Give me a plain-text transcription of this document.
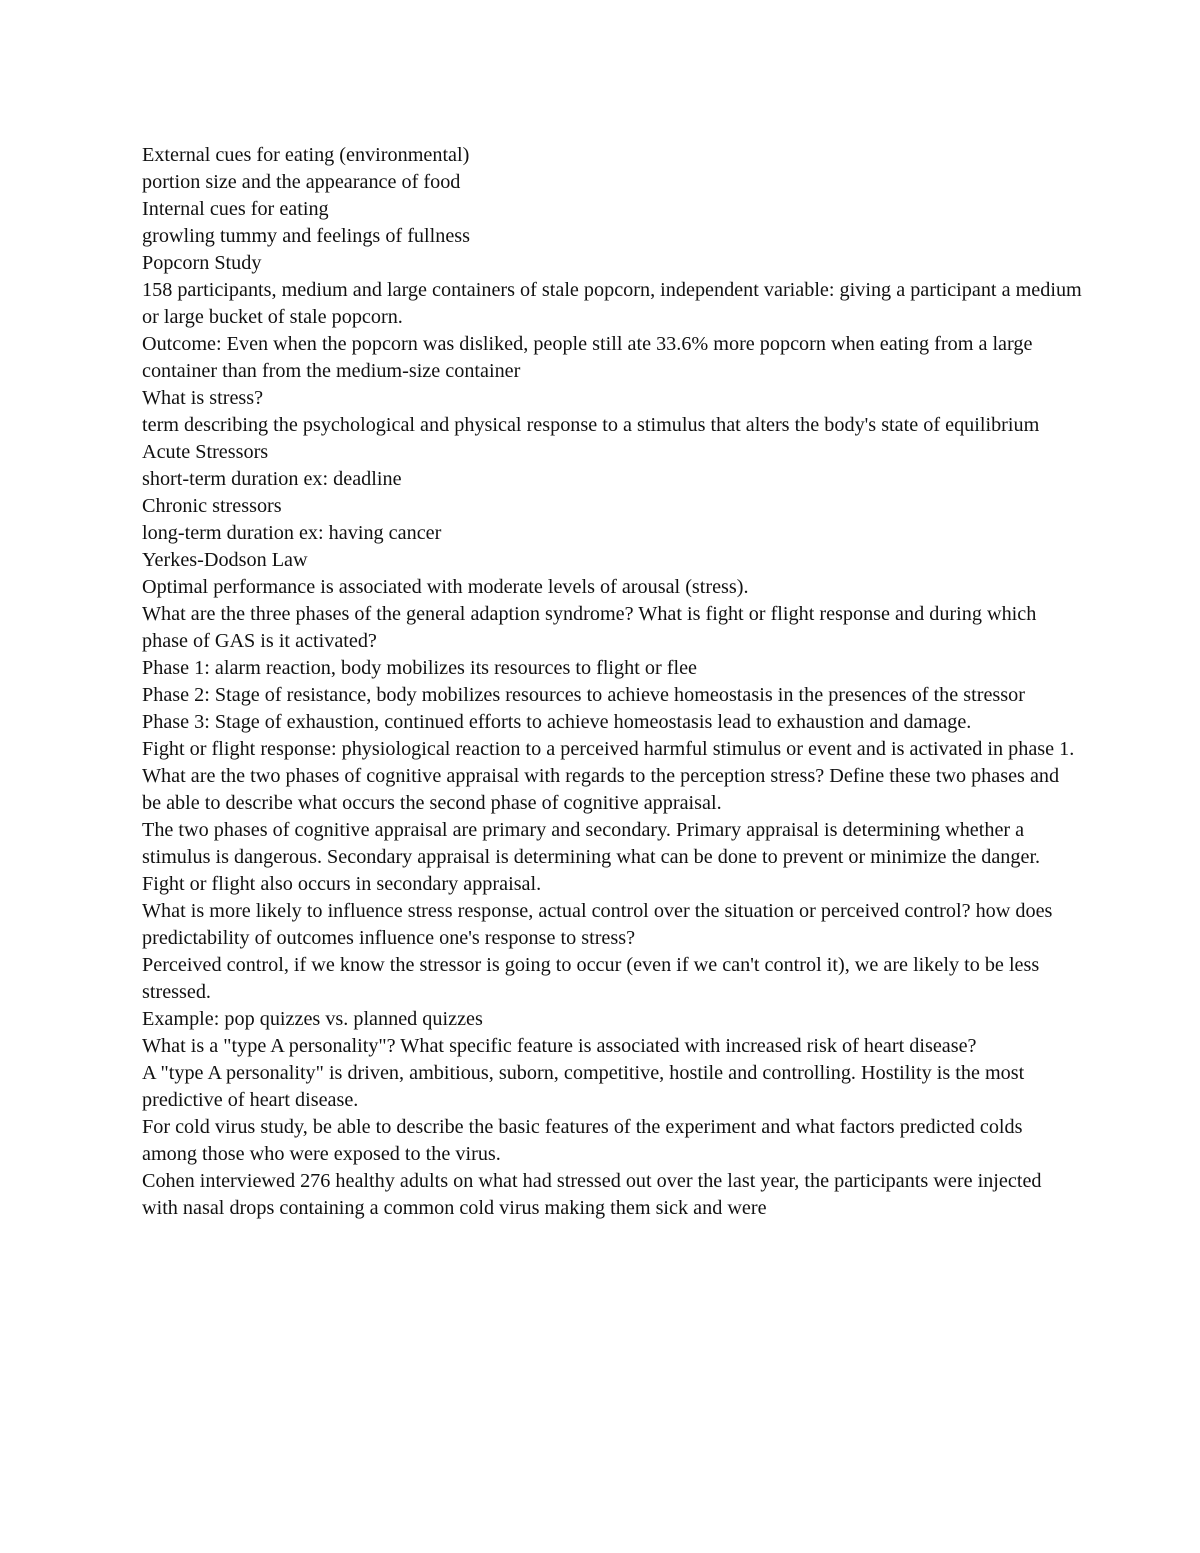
External cues for eating (environmental)

portion size and the appearance of food

Internal cues for eating

growling tummy and feelings of fullness

Popcorn Study

158 participants, medium and large containers of stale popcorn, independent variable: giving a participant a medium or large bucket of stale popcorn.

Outcome: Even when the popcorn was disliked, people still ate 33.6% more popcorn when eating from a large container than from the medium-size container

What is stress?

term describing the psychological and physical response to a stimulus that alters the body's state of equilibrium

Acute Stressors

short-term duration ex: deadline

Chronic stressors

long-term duration ex: having cancer

Yerkes-Dodson Law

Optimal performance is associated with moderate levels of arousal (stress).

What are the three phases of the general adaption syndrome? What is fight or flight response and during which phase of GAS is it activated?

Phase 1: alarm reaction, body mobilizes its resources to flight or flee

Phase 2: Stage of resistance, body mobilizes resources to achieve homeostasis in the presences of the stressor

Phase 3: Stage of exhaustion, continued efforts to achieve homeostasis lead to exhaustion and damage.

Fight or flight response: physiological reaction to a perceived harmful stimulus or event and is activated in phase 1.

What are the two phases of cognitive appraisal with regards to the perception stress? Define these two phases and be able to describe what occurs the second phase of cognitive appraisal.

The two phases of cognitive appraisal are primary and secondary. Primary appraisal is determining whether a stimulus is dangerous. Secondary appraisal is determining what can be done to prevent or minimize the danger. Fight or flight also occurs in secondary appraisal.

What is more likely to influence stress response, actual control over the situation or perceived control? how does predictability of outcomes influence one's response to stress?

Perceived control, if we know the stressor is going to occur (even if we can't control it), we are likely to be less stressed.

Example: pop quizzes vs. planned quizzes

What is a "type A personality"? What specific feature is associated with increased risk of heart disease?

A "type A personality" is driven, ambitious, suborn, competitive, hostile and controlling. Hostility is the most predictive of heart disease.

For cold virus study, be able to describe the basic features of the experiment and what factors predicted colds among those who were exposed to the virus.

Cohen interviewed 276 healthy adults on what had stressed out over the last year, the participants were injected with nasal drops containing a common cold virus making them sick and were
